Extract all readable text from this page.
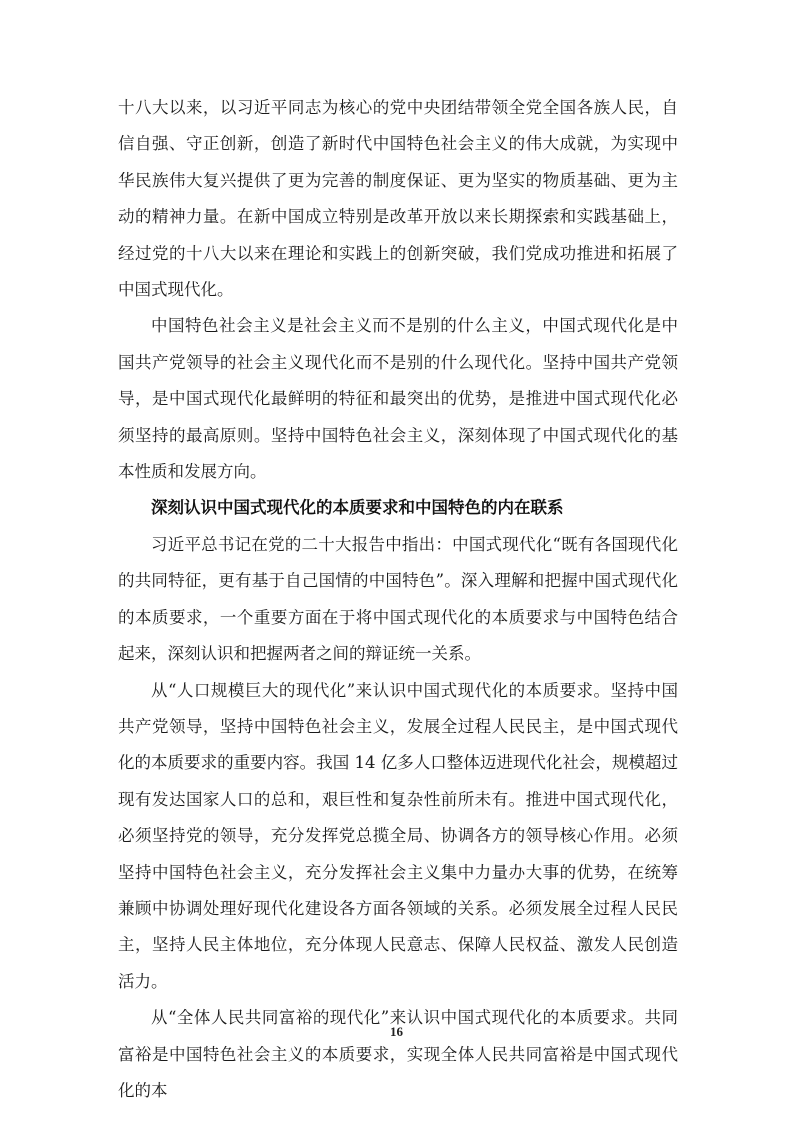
十八大以来，以习近平同志为核心的党中央团结带领全党全国各族人民，自信自强、守正创新，创造了新时代中国特色社会主义的伟大成就，为实现中华民族伟大复兴提供了更为完善的制度保证、更为坚实的物质基础、更为主动的精神力量。在新中国成立特别是改革开放以来长期探索和实践基础上，经过党的十八大以来在理论和实践上的创新突破，我们党成功推进和拓展了中国式现代化。

中国特色社会主义是社会主义而不是别的什么主义，中国式现代化是中国共产党领导的社会主义现代化而不是别的什么现代化。坚持中国共产党领导，是中国式现代化最鲜明的特征和最突出的优势，是推进中国式现代化必须坚持的最高原则。坚持中国特色社会主义，深刻体现了中国式现代化的基本性质和发展方向。

深刻认识中国式现代化的本质要求和中国特色的内在联系

习近平总书记在党的二十大报告中指出：中国式现代化“既有各国现代化的共同特征，更有基于自己国情的中国特色”。深入理解和把握中国式现代化的本质要求，一个重要方面在于将中国式现代化的本质要求与中国特色结合起来，深刻认识和把握两者之间的辩证统一关系。

从“人口规模巨大的现代化”来认识中国式现代化的本质要求。坚持中国共产党领导，坚持中国特色社会主义，发展全过程人民民主，是中国式现代化的本质要求的重要内容。我国 14 亿多人口整体迈进现代化社会，规模超过现有发达国家人口的总和，艰巨性和复杂性前所未有。推进中国式现代化，必须坚持党的领导，充分发挥党总揽全局、协调各方的领导核心作用。必须坚持中国特色社会主义，充分发挥社会主义集中力量办大事的优势，在统筹兼顾中协调处理好现代化建设各方面各领域的关系。必须发展全过程人民民主，坚持人民主体地位，充分体现人民意志、保障人民权益、激发人民创造活力。

从“全体人民共同富裕的现代化”来认识中国式现代化的本质要求。共同富裕是中国特色社会主义的本质要求，实现全体人民共同富裕是中国式现代化的本

16
